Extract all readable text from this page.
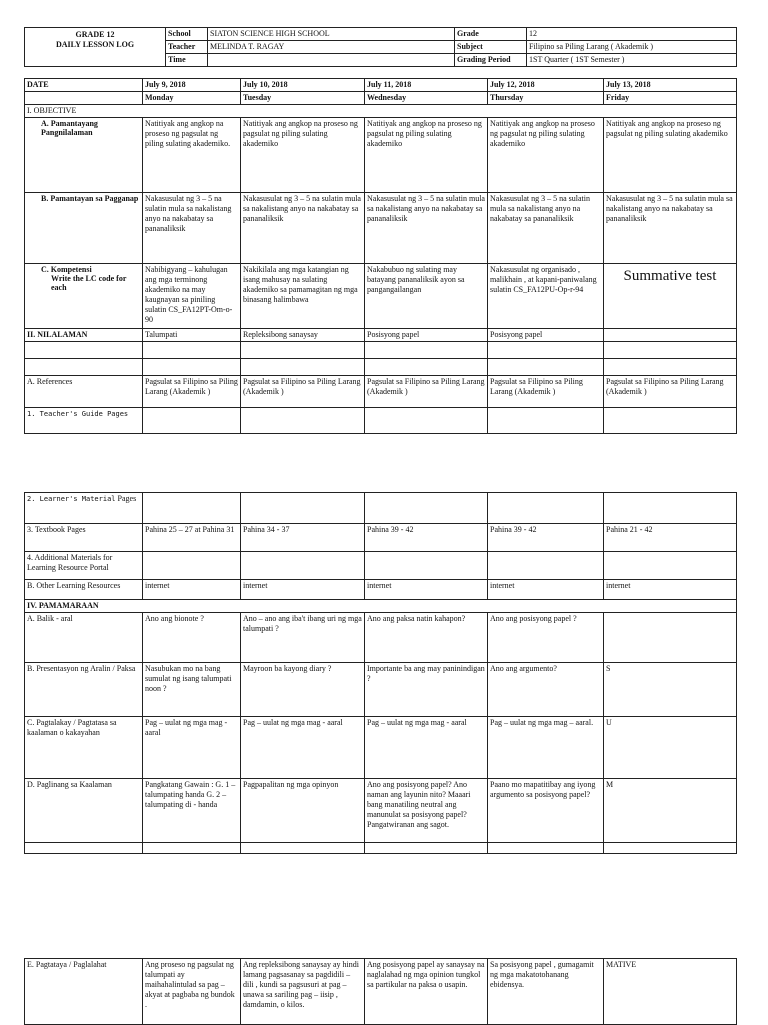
GRADE 12
DAILY LESSON LOG	School	SIATON SCIENCE HIGH SCHOOL	Grade	12
	Teacher	MELINDA T. RAGAY	Subject	Filipino sa Piling Larang ( Akademik )
	Time		Grading Period	1ST Quarter ( 1ST Semester )
DATE	July 9, 2018	July 10, 2018	July 11, 2018	July 12, 2018	July 13, 2018
	Monday	Tuesday	Wednesday	Thursday	Friday
I. OBJECTIVE					
A. Pamantayang Pangnilalaman	Natitiyak ang angkop na proseso ng pagsulat ng piling sulating akademiko.	Natitiyak ang angkop na proseso ng pagsulat ng piling sulating akademiko	Natitiyak ang angkop na proseso ng pagsulat ng piling sulating akademiko	Natitiyak ang angkop na proseso ng pagsulat ng piling sulating akademiko	Natitiyak ang angkop na proseso ng pagsulat ng piling sulating akademiko
B. Pamantayan sa Pagganap	Nakasusulat ng 3 – 5 na sulatin mula sa nakalistang anyo na nakabatay sa pananaliksik	Nakasusulat ng 3 – 5 na sulatin mula sa nakalistang anyo na nakabatay sa pananaliksik	Nakasusulat ng 3 – 5 na sulatin mula sa nakalistang anyo na nakabatay sa pananaliksik	Nakasusulat ng 3 – 5 na sulatin mula sa nakalistang anyo na nakabatay sa pananaliksik	Nakasusulat ng 3 – 5 na sulatin mula sa nakalistang anyo na nakabatay sa pananaliksik

C. Kompetensi
Write the LC code for each	Nabibigyang – kahulugan ang mga terminong akademiko na may kaugnayan sa piniling sulatin CS_FA12PT-Om-o-90	Nakikilala ang mga katangian ng isang mahusay na sulating akademiko sa pamamagitan ng mga binasang halimbawa	Nakabubuo ng sulating may batayang pananaliksik ayon sa pangangailangan	Nakasusulat ng organisado , malikhain , at kapani-paniwalang sulatin CS_FA12PU-Op-r-94	Summative test
II. NILALAMAN	Talumpati	Repleksibong sanaysay	Posisyong papel	Posisyong papel	

A. References	Pagsulat sa Filipino sa Piling Larang (Akademik )	Pagsulat sa Filipino sa Piling Larang (Akademik )	Pagsulat sa Filipino sa Piling Larang (Akademik )	Pagsulat sa Filipino sa Piling Larang (Akademik )	Pagsulat sa Filipino sa Piling Larang (Akademik )
1. Teacher's Guide Pages					
2. Learner's Material Pages					
3. Textbook Pages	Pahina 25 – 27 at Pahina 31	Pahina 34 - 37	Pahina 39 - 42	Pahina 39 - 42	Pahina 21 - 42
4. Additional Materials for Learning Resource Portal					
B. Other Learning Resources	internet	internet	internet	internet	internet
IV. PAMAMARAAN					
A. Balik - aral	Ano ang bionote ?	Ano – ano ang iba't ibang uri ng mga talumpati ?	Ano ang paksa natin kahapon?	Ano ang posisyong papel ?	
B. Presentasyon ng Aralin / Paksa	Nasubukan mo na bang sumulat ng isang talumpati noon ?	Mayroon ba kayong diary ?	Importante ba ang may paninindigan ?	Ano ang argumento?	S
C. Pagtalakay / Pagtatasa sa kaalaman o kakayahan	Pag – uulat ng mga mag - aaral	Pag – uulat ng mga mag - aaral	Pag – uulat ng mga mag - aaral	Pag – uulat ng mga mag – aaral.	U
D. Paglinang sa Kaalaman	Pangkatang Gawain : G. 1 – talumpating handa G. 2 – talumpating di - handa	Pagpapalitan ng mga opinyon	Ano ang posisyong papel? Ano naman ang layunin nito? Maaari bang manatiling neutral ang manunulat sa posisyong papel? Pangatwiranan ang sagot.	Paano mo mapatitibay ang iyong argumento sa posisyong papel?	M

E. Pagtataya / Paglalahat	Ang proseso ng pagsulat ng talumpati ay maihahalintulad sa pag – akyat at pagbaba ng bundok .	Ang repleksibong sanaysay ay hindi lamang pagsasanay sa pagdidili – dili , kundi sa pagsusuri at pag – unawa sa sariling pag – iisip , damdamin, o kilos.	Ang posisyong papel ay sanaysay na naglalahad ng mga opinion tungkol sa partikular na paksa o usapin.	Sa posisyong papel , gumagamit ng mga makatotohanang ebidensya.	MATIVE
